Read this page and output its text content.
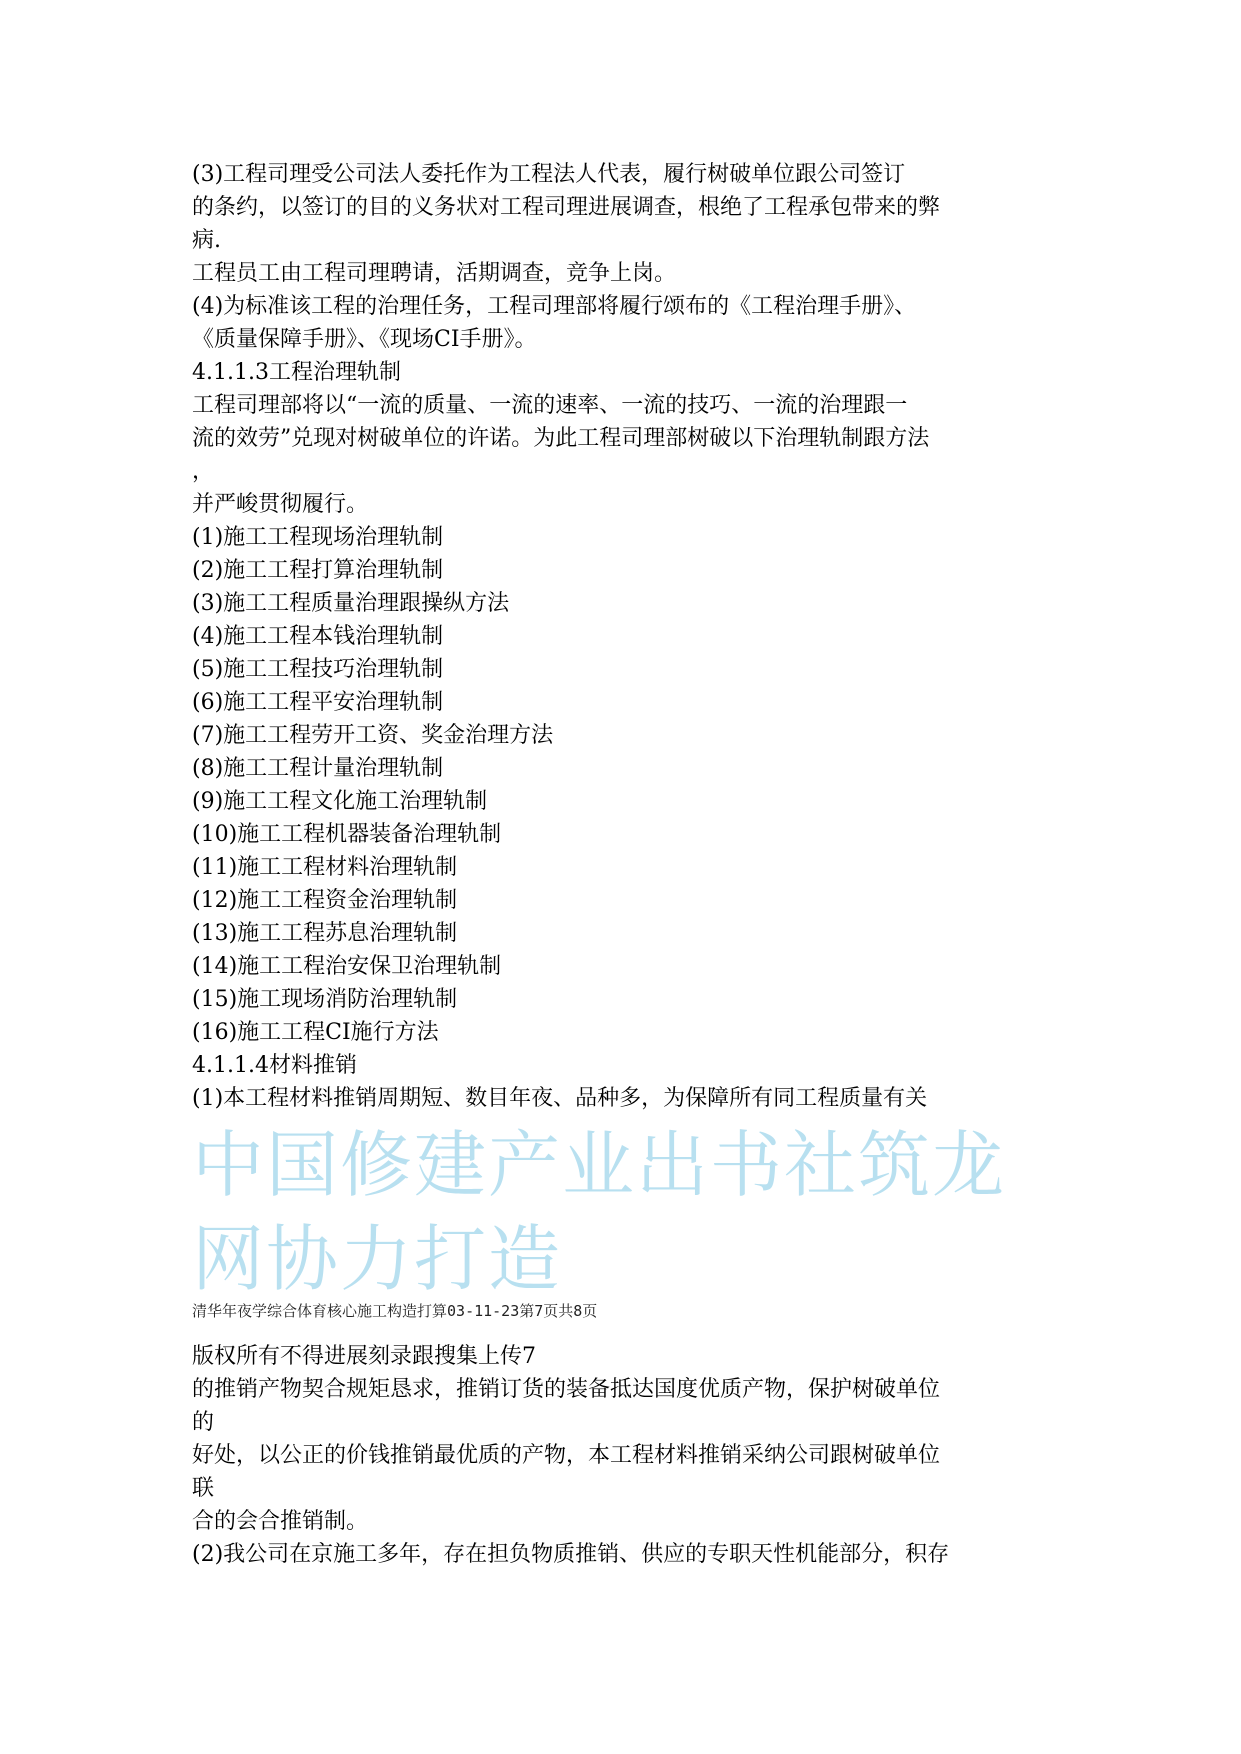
(3)工程司理受公司法人委托作为工程法人代表，履行树破单位跟公司签订
的条约，以签订的目的义务状对工程司理进展调查，根绝了工程承包带来的弊
病.
工程员工由工程司理聘请，活期调查，竞争上岗。
(4)为标准该工程的治理任务，工程司理部将履行颂布的《工程治理手册》、
《质量保障手册》、《现场CI手册》。
4.1.1.3工程治理轨制
工程司理部将以“一流的质量、一流的速率、一流的技巧、一流的治理跟一
流的效劳”兑现对树破单位的许诺。为此工程司理部树破以下治理轨制跟方法
，
并严峻贯彻履行。
(1)施工工程现场治理轨制
(2)施工工程打算治理轨制
(3)施工工程质量治理跟操纵方法
(4)施工工程本钱治理轨制
(5)施工工程技巧治理轨制
(6)施工工程平安治理轨制
(7)施工工程劳开工资、奖金治理方法
(8)施工工程计量治理轨制
(9)施工工程文化施工治理轨制
(10)施工工程机器装备治理轨制
(11)施工工程材料治理轨制
(12)施工工程资金治理轨制
(13)施工工程苏息治理轨制
(14)施工工程治安保卫治理轨制
(15)施工现场消防治理轨制
(16)施工工程CI施行方法
4.1.1.4材料推销
(1)本工程材料推销周期短、数目年夜、品种多，为保障所有同工程质量有关
中国修建产业出书社筑龙
网协力打造
清华年夜学综合体育核心施工构造打算03-11-23第7页共8页
版权所有不得进展刻录跟搜集上传7
的推销产物契合规矩恳求，推销订货的装备抵达国度优质产物，保护树破单位
的
好处，以公正的价钱推销最优质的产物，本工程材料推销采纳公司跟树破单位
联
合的会合推销制。
(2)我公司在京施工多年，存在担负物质推销、供应的专职天性机能部分，积存
